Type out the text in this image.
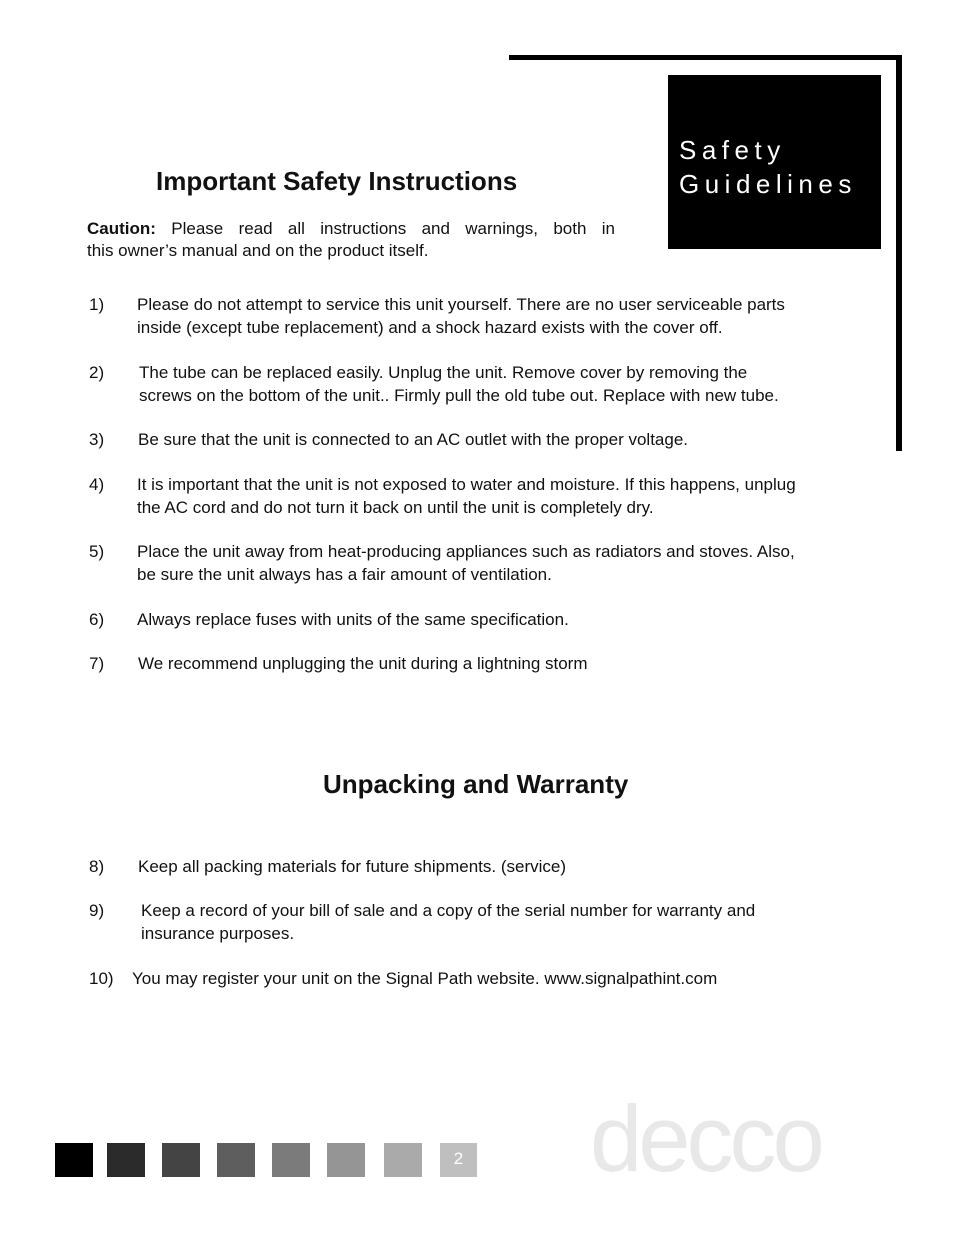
Safety
Guidelines
Important Safety Instructions
Caution: Please read all instructions and warnings, both in
this owner’s manual and on the product itself.
1) Please do not attempt to service this unit yourself. There are no user serviceable parts
inside (except tube replacement) and a shock hazard exists with the cover off.
2) The tube can be replaced easily. Unplug the unit. Remove cover by removing the
screws on the bottom of the unit.. Firmly pull the old tube out. Replace with new tube.
3) Be sure that the unit is connected to an AC outlet with the proper voltage.
4) It is important that the unit is not exposed to water and moisture. If this happens, unplug
the AC cord and do not turn it back on until the unit is completely dry.
5) Place the unit away from heat-producing appliances such as radiators and stoves. Also,
be sure the unit always has a fair amount of ventilation.
6) Always replace fuses with units of the same specification.
7) We recommend unplugging the unit during a lightning storm
Unpacking and Warranty
8) Keep all packing materials for future shipments. (service)
9) Keep a record of your bill of sale and a copy of the serial number for warranty and
insurance purposes.
10) You may register your unit on the Signal Path website. www.signalpathint.com
2 decco
